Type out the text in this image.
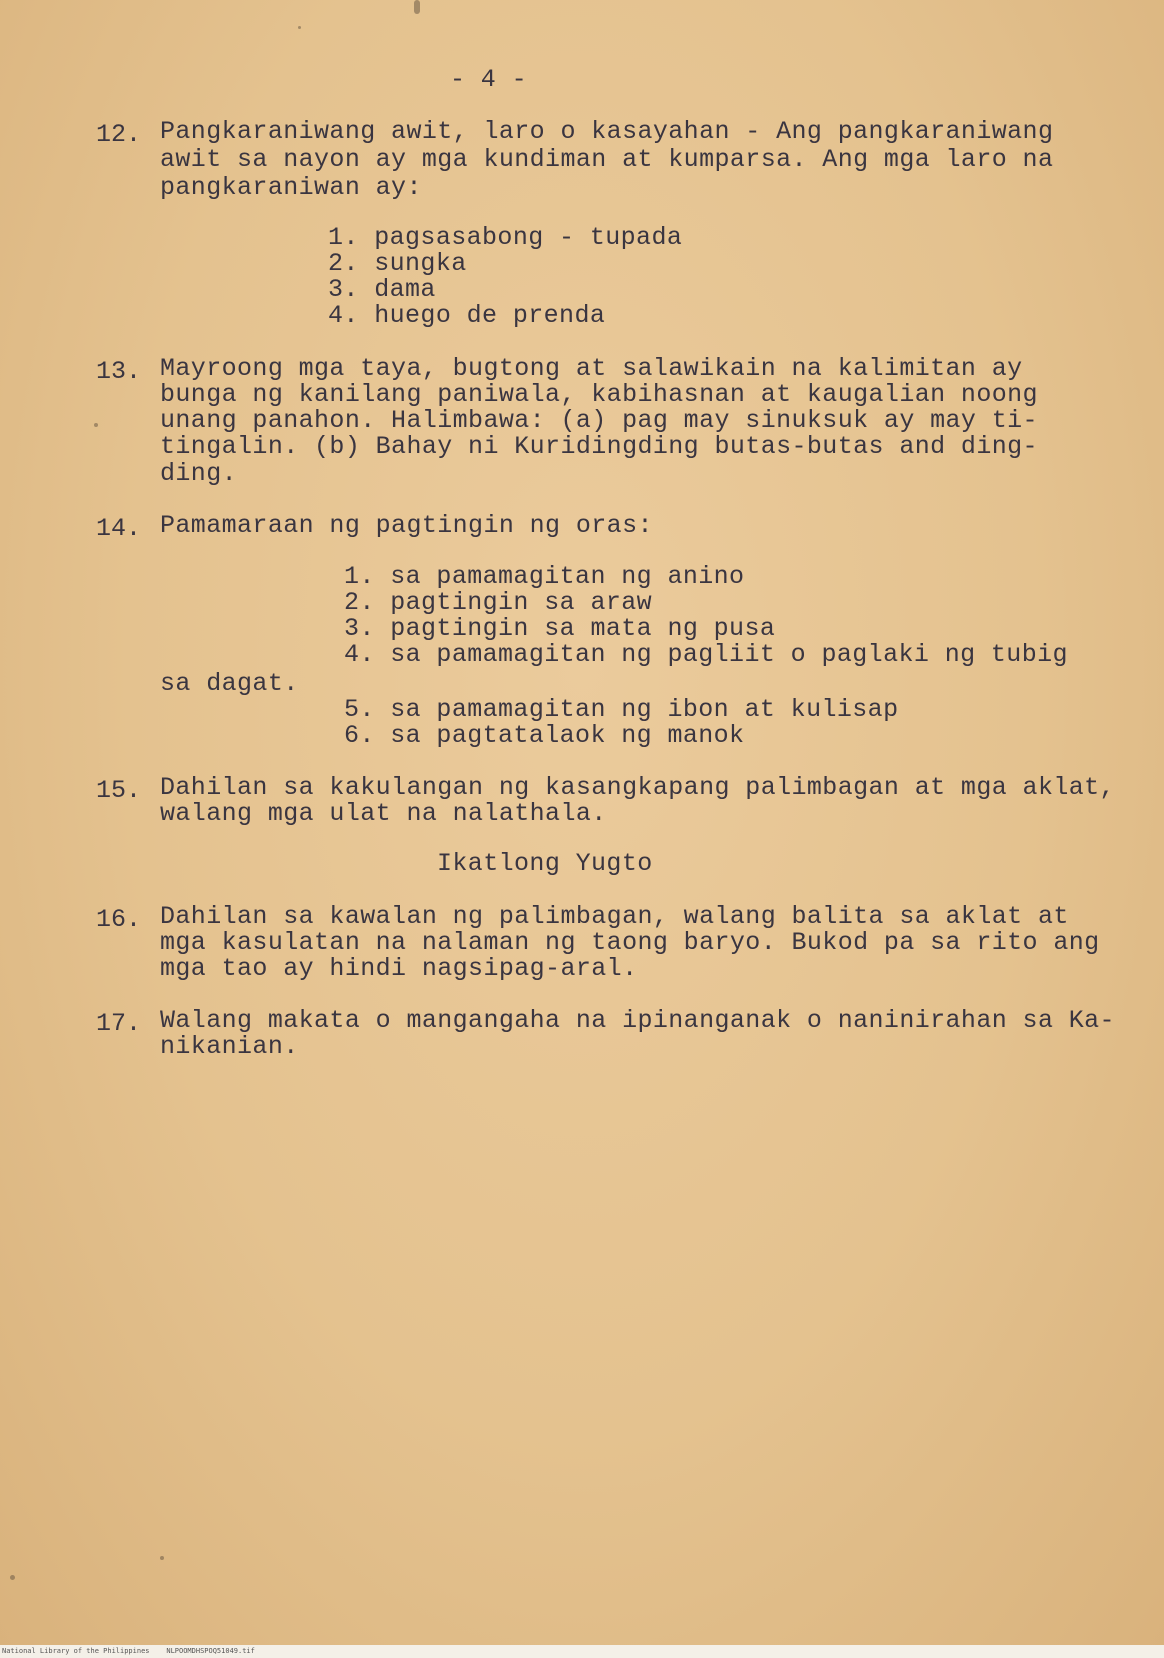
- 4 -
12. Pangkaraniwang awit, laro o kasayahan - Ang pangkaraniwang
awit sa nayon ay mga kundiman at kumparsa. Ang mga laro na
pangkaraniwan ay:
1. pagsasabong - tupada
2. sungka
3. dama
4. huego de prenda
13. Mayroong mga taya, bugtong at salawikain na kalimitan ay
bunga ng kanilang paniwala, kabihasnan at kaugalian noong
unang panahon. Halimbawa: (a) pag may sinuksuk ay may ti-
tingalin. (b) Bahay ni Kuridingding butas-butas and ding-
ding.
14. Pamamaraan ng pagtingin ng oras:
1. sa pamamagitan ng anino
2. pagtingin sa araw
3. pagtingin sa mata ng pusa
4. sa pamamagitan ng pagliit o paglaki ng tubig
sa dagat.
5. sa pamamagitan ng ibon at kulisap
6. sa pagtatalaok ng manok
15. Dahilan sa kakulangan ng kasangkapang palimbagan at mga aklat,
walang mga ulat na nalathala.
Ikatlong Yugto
16. Dahilan sa kawalan ng palimbagan, walang balita sa aklat at
mga kasulatan na nalaman ng taong baryo. Bukod pa sa rito ang
mga tao ay hindi nagsipag-aral.
17. Walang makata o mangangaha na ipinanganak o naninirahan sa Ka-
nikanian.
National Library of the Philippines    NLPOOMDHSPOQ51049.tif
